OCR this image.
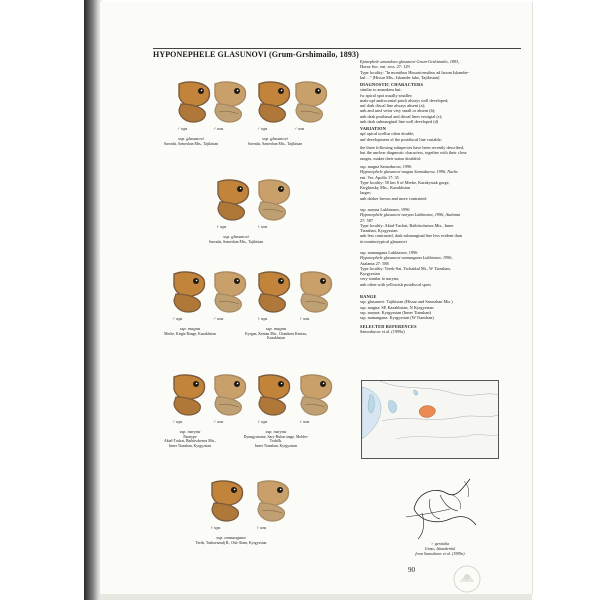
HYPONEPHELE GLASUNOVI (Grum-Grshimailo, 1893)

Epinephele amardaea glasunovi Grum-Grshimailo, 1893,

Horae Soc. ent. ross. 27: 129

Type locality: "In montibus Hissaricensibus ad lacum Iskander-

kul ..." [Hissar Mts., Iskander lake, Tajikistan]

DIAGNOSTIC CHARACTERS

similar to amardaea but:

fw apical spot usually smaller;

male upf androconial patch always well developed;

unf dark discal line always absent (a);

unh and unsf veins very small or absent (b);

unh dark postbasal and discal lines vestigial (c);

unh dark submarginal line well developed (d)

VARIATION

upf apical ocellus often double;

unf development of the postdiscal line variable;

the three following subspecies have been recently described,

but the unclear diagnostic characters, together with their close

ranges, makes their status doubtful:

ssp. magna Samodurow, 1996

Hyponephele glasunovi magna Samodurow, 1996, Nachr.

ent. Ver. Apollo 17: 35

Type locality: 50 km S of Merke, Karakystak gorge,

Kirghizsky Mts., Kazakhstan

larger;

unh darker brown and more contrasted

ssp. naryna Lukhtanov, 1996

Hyponephele glasunovi naryna Lukhtanov, 1996, Atalanta

27: 587

Type locality: Aktal-Tuchat, Baibitschenos Mts., Inner

Tianshan, Kyrgyzstan

unh less contrasted, dark submarginal line less evident than

in nominotypical glasunovi

ssp. namangana Lukhtanov, 1996

Hyponephele glasunovi namangana Lukhtanov, 1996,

Atalanta 27: 588

Type locality: Terek-Sai, Tschatkal Mt., W Tianshan,

Kyrgyzstan

very similar to naryna;

unh often with yellowish postdiscal spots

RANGE

ssp. glasunovi: Tajikistan (Hissar and Samsshan Mts.)

ssp. magna: SE Kazakhstan, N Kyrgyzstan

ssp. naryna: Kyrgyzstan (Inner Tianshan)

ssp. namangana: Kyrgyzstan (W Tianshan)

SELECTED REFERENCES

Samodurow et al. (1999a)

♂ genitalia
Ginzo, Iskanderkul
from Samodurov et al. (1999a)
90
♂ ups	♂ uns	♂ ups	♂ uns
ssp. glasunovi
Sarvada, Samvshan Mts., Tajikistan
ssp. glasunovi
Sarvada, Samvshan Mts., Tajikistan
♀ ups	♀ uns
ssp. glasunovi
Sarvada, Samvshan Mts., Tajikistan
♂ ups	♂ uns	♀ ups	♀ uns
ssp. magna
Merke, Kirgiz Range, Kazakhstan
ssp. magna
Kyrgan, Kentau Mts., Chimkent Kentau,
Kazakhstan
♂ ups	♂ uns	♀ ups	♀ uns
ssp. naryna
Paratype
Aktal-Tuchat, Baibitschenos Mts.,
Inner Tianshan, Kyrgyzstan
ssp. naryna
Dyungyurome, Sary-Bulan range, Molder-Tochilk,
Inner Tianshan, Kyrgyzstan
♀ ups	♀ uns
ssp. namangana
Terek, Tashavazudj R., Osh-Alam, Kyrgyzstan
